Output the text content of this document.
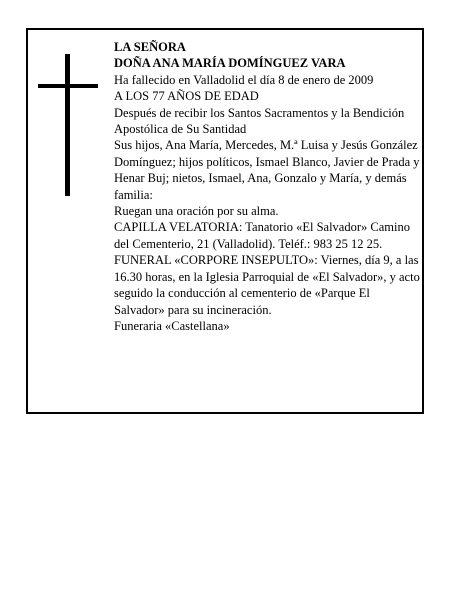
LA SEÑORA

DOÑA ANA MARÍA DOMÍNGUEZ VARA

Ha fallecido en Valladolid el día 8 de enero de 2009

A LOS 77 AÑOS DE EDAD

Después de recibir los Santos Sacramentos y la Bendición Apostólica de Su Santidad

Sus hijos, Ana María, Mercedes, M.ª Luisa y Jesús González Domínguez; hijos políticos, Ismael Blanco, Javier de Prada y Henar Buj; nietos, Ismael, Ana, Gonzalo y María, y demás familia:

Ruegan una oración por su alma.

CAPILLA VELATORIA: Tanatorio «El Salvador» Camino del Cementerio, 21 (Valladolid). Teléf.: 983 25 12 25.

FUNERAL «CORPORE INSEPULTO»: Viernes, día 9, a las 16.30 horas, en la Iglesia Parroquial de «El Salvador», y acto seguido la conducción al cementerio de «Parque El Salvador» para su incineración.

Funeraria «Castellana»
